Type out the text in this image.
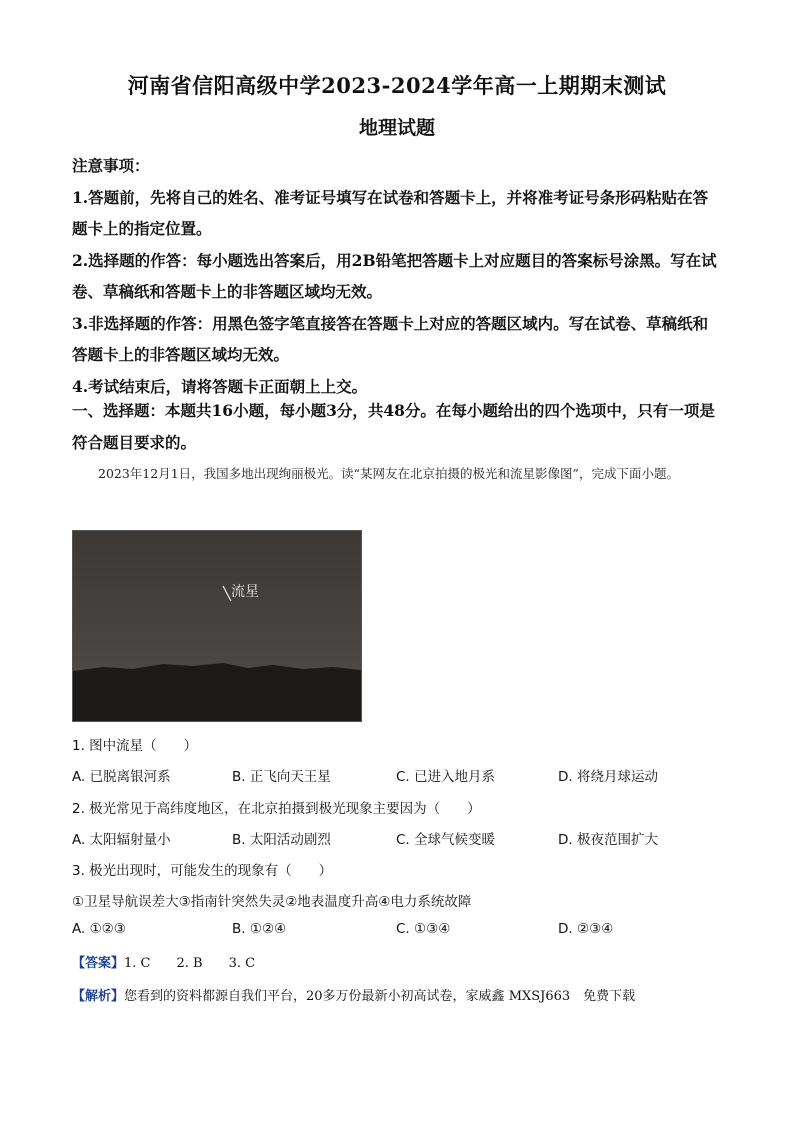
河南省信阳高级中学2023-2024学年高一上期期末测试
地理试题

注意事项：

1.答题前，先将自己的姓名、准考证号填写在试卷和答题卡上，并将准考证号条形码粘贴在答题卡上的指定位置。

2.选择题的作答：每小题选出答案后，用2B铅笔把答题卡上对应题目的答案标号涂黑。写在试卷、草稿纸和答题卡上的非答题区域均无效。

3.非选择题的作答：用黑色签字笔直接答在答题卡上对应的答题区域内。写在试卷、草稿纸和答题卡上的非答题区域均无效。

4.考试结束后，请将答题卡正面朝上上交。

一、选择题：本题共16小题，每小题3分，共48分。在每小题给出的四个选项中，只有一项是符合题目要求的。
2023年12月1日，我国多地出现绚丽极光。读“某网友在北京拍摄的极光和流星影像图”，完成下面小题。
流星
1. 图中流星（　　）
A. 已脱离银河系	B. 正飞向天王星	C. 已进入地月系	D. 将绕月球运动
2. 极光常见于高纬度地区，在北京拍摄到极光现象主要因为（　　）
A. 太阳辐射量小	B. 太阳活动剧烈	C. 全球气候变暖	D. 极夜范围扩大
3. 极光出现时，可能发生的现象有（　　）
①卫星导航误差大③指南针突然失灵②地表温度升高④电力系统故障
A. ①②③	B. ①②④	C. ①③④	D. ②③④
【答案】1. C　　2. B　　3. C
【解析】您看到的资料都源自我们平台，20多万份最新小初高试卷，家威鑫 MXSJ663　免费下载
